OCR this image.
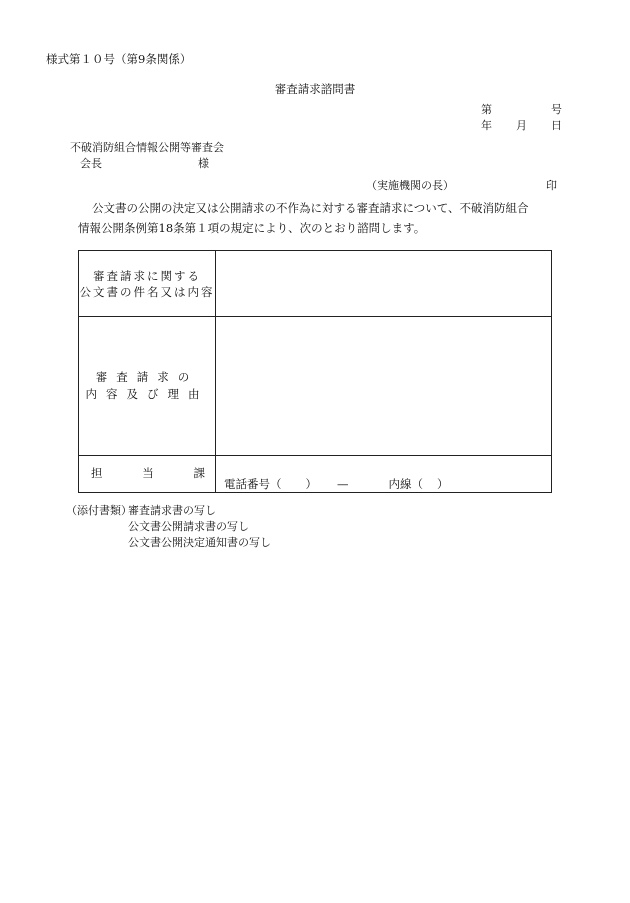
様式第１０号（第9条関係）
審査請求諮問書
第	号
年 月 日
不破消防組合情報公開等審査会
会長	様
（実施機関の長）	印
公文書の公開の決定又は公開請求の不作為に対する審査請求について、不破消防組合
情報公開条例第18条第１項の規定により、次のとおり諮問します。
審査請求に関する
公文書の件名又は内容	

審査請求の
内容及び理由	

担 当 課	電話番号（ ） — 内線（ ）
（添付書類）
審査請求書の写し
公文書公開請求書の写し
公文書公開決定通知書の写し
